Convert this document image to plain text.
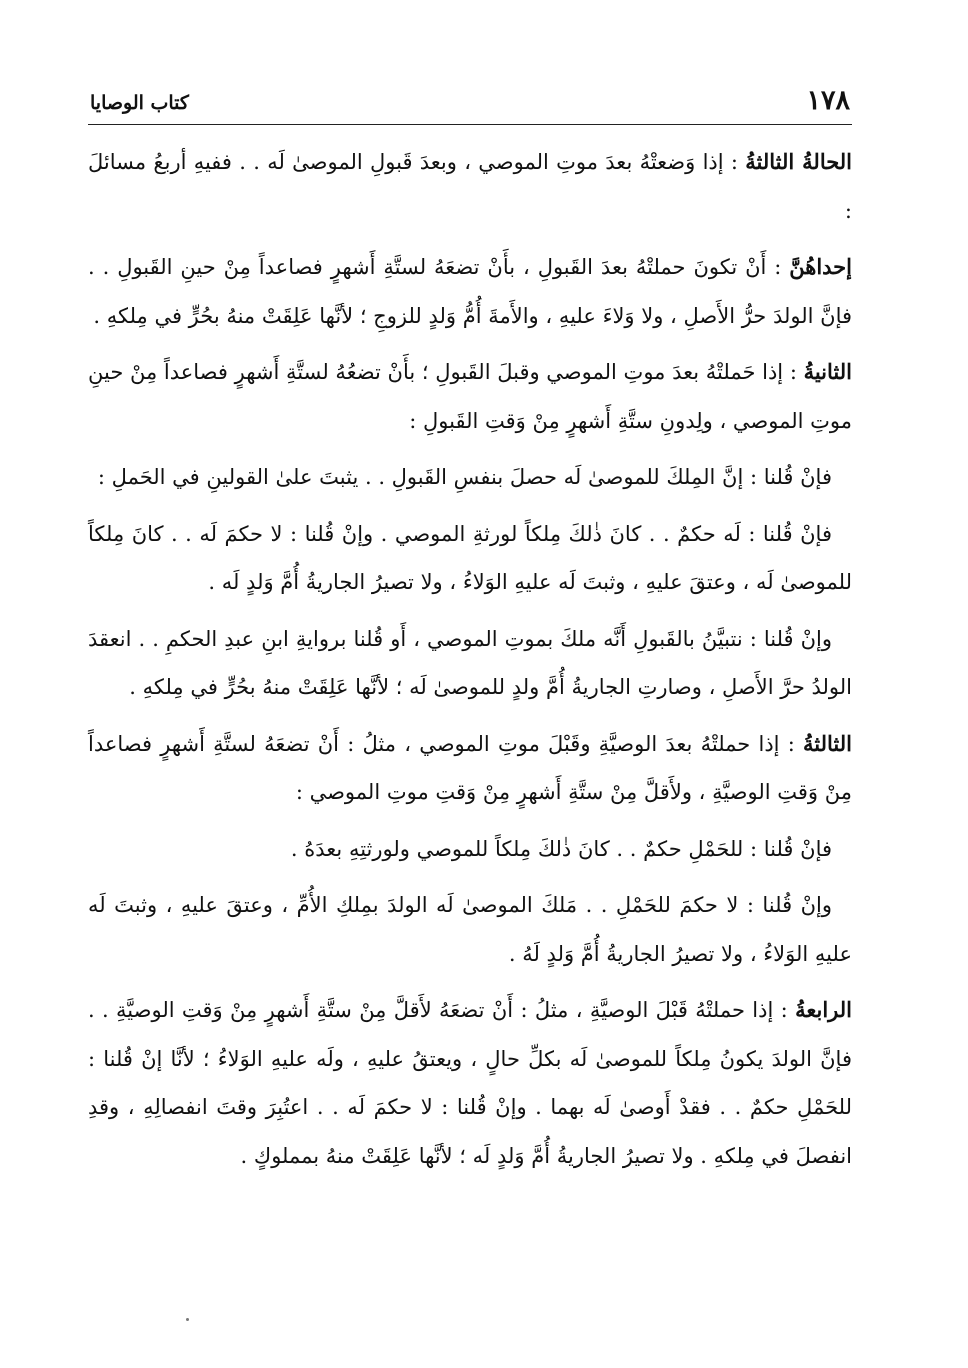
١٧٨
كتاب الوصايا

الحالةُ الثالثةُ : إذا وَضعتْهُ بعدَ موتِ الموصي ، وبعدَ قَبولِ الموصىٰ لَه . . ففيهِ أربعُ مسائلَ :

إحداهُنَّ : أَنْ تكونَ حملتْهُ بعدَ القَبولِ ، بأَنْ تضعَهُ لستَّةِ أَشهرٍ فصاعداً مِنْ حينِ القَبولِ . . فإنَّ الولدَ حرُّ الأَصلِ ، ولا وَلاءَ عليهِ ، والأَمةَ أُمُّ وَلدٍ للزوجِ ؛ لأنَّها عَلِقَتْ منهُ بحُرٍّ في مِلكهِ .

الثانيةُ : إذا حَملتْهُ بعدَ موتِ الموصي وقبلَ القَبولِ ؛ بأَنْ تضعُهُ لستَّةِ أَشهرٍ فصاعداً مِنْ حينِ موتِ الموصي ، ولِدونِ ستَّةِ أَشهرٍ مِنْ وَقتِ القَبولِ :

فإنْ قُلنا : إنَّ المِلكَ للموصىٰ لَه حصلَ بنفسِ القَبولِ . . يثبتَ علىٰ القولينِ في الحَملِ :

فإنْ قُلنا : لَه حكمٌ . . كانَ ذٰلكَ مِلكاً لورثةِ الموصي . وإنْ قُلنا : لا حكمَ لَه . . كانَ مِلكاً للموصىٰ لَه ، وعتقَ عليهِ ، وثبتَ لَه عليهِ الوَلاءُ ، ولا تصيرُ الجاريةُ أُمَّ وَلدٍ لَه .

وإنْ قُلنا : نتبيَّنُ بالقَبولِ أَنَّه ملكَ بموتِ الموصي ، أَو قُلنا بروايةِ ابنِ عبدِ الحكمِ . . انعقدَ الولدُ حرَّ الأَصلِ ، وصارتِ الجاريةُ أُمَّ ولدٍ للموصىٰ لَه ؛ لأنَّها عَلِقَتْ منهُ بحُرٍّ في مِلكهِ .

الثالثةُ : إذا حملتْهُ بعدَ الوصيَّةِ وقَبْلَ موتِ الموصي ، مثلُ : أَنْ تضعَهُ لستَّةِ أَشهرٍ فصاعداً مِنْ وَقتِ الوصيَّةِ ، ولأَقلَّ مِنْ ستَّةِ أَشهرٍ مِنْ وَقتِ موتِ الموصي :

فإنْ قُلنا : للحَمْلِ حكمٌ . . كانَ ذٰلكَ مِلكاً للموصي ولورثتِهِ بعدَهُ .

وإنْ قُلنا : لا حكمَ للحَمْلِ . . مَلكَ الموصىٰ لَه الولدَ بمِلكِ الأُمِّ ، وعتقَ عليهِ ، وثبتَ لَه عليهِ الوَلاءُ ، ولا تصيرُ الجاريةُ أُمَّ وَلدٍ لَهُ .

الرابعةُ : إذا حملتْهُ قَبْلَ الوصيَّةِ ، مثلُ : أَنْ تضعَهُ لأَقلَّ مِنْ ستَّةِ أَشهرٍ مِنْ وَقتِ الوصيَّةِ . . فإنَّ الولدَ يكونُ مِلكاً للموصىٰ لَه بكلِّ حالٍ ، ويعتقُ عليهِ ، ولَه عليهِ الوَلاءُ ؛ لأنَّا إنْ قُلنا : للحَمْلِ حكمٌ . . فقدْ أَوصىٰ لَه بهما . وإنْ قُلنا : لا حكمَ لَه . . اعتُبِرَ وقتَ انفصالِهِ ، وقدِ انفصلَ في مِلكهِ . ولا تصيرُ الجاريةُ أُمَّ وَلدٍ لَه ؛ لأنَّها عَلِقَتْ منهُ بمملوكٍ .
